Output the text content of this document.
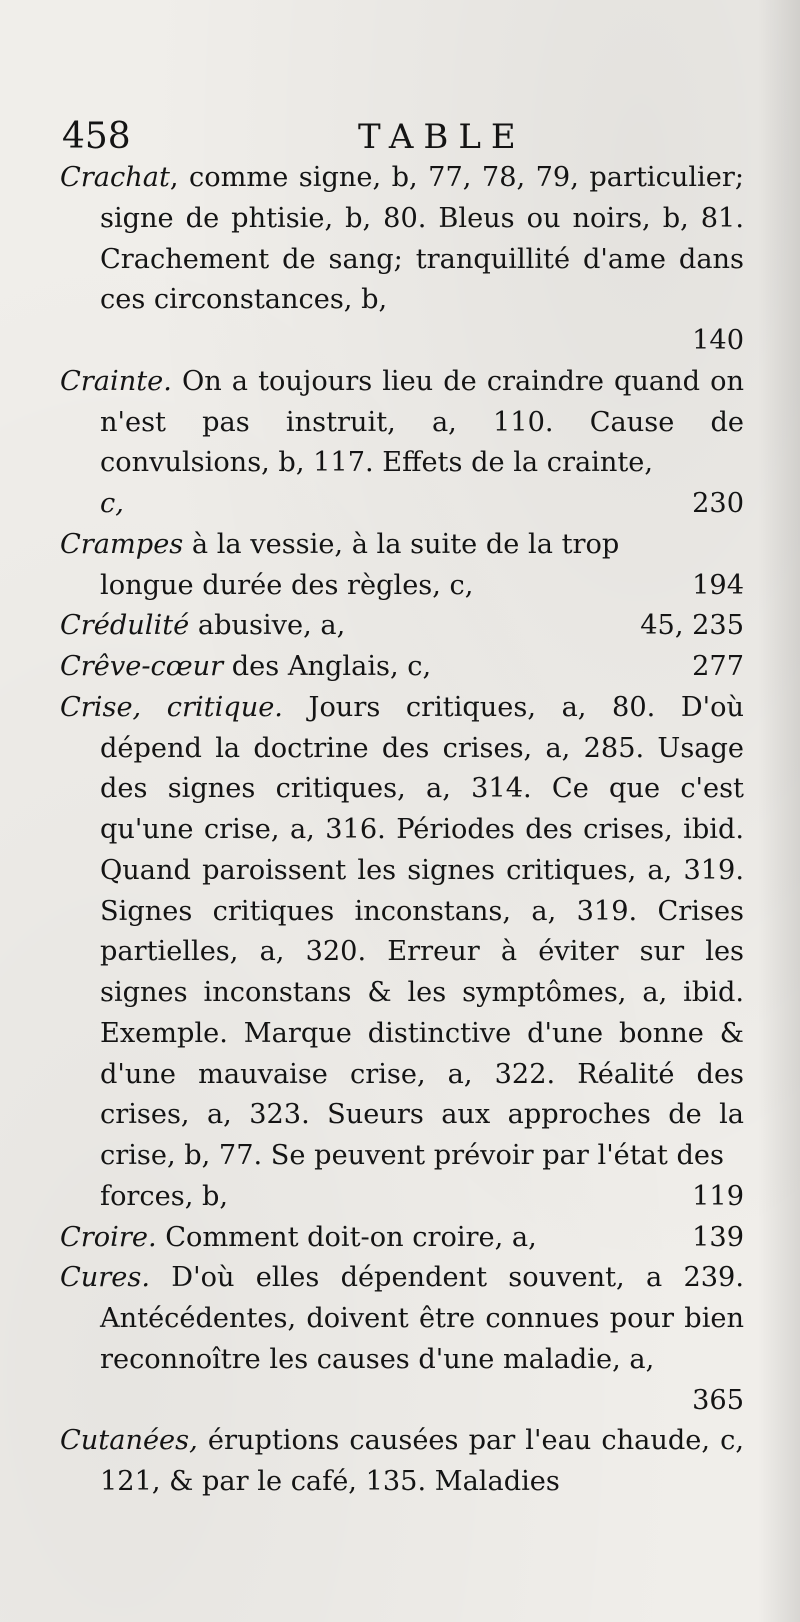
458	TABLE

Crachat, comme signe, b, 77, 78, 79, particulier; signe de phtisie, b, 80. Bleus ou noirs, b, 81. Crachement de sang; tranquillité d'ame dans ces circonstances, b,
140

Crainte. On a toujours lieu de craindre quand on n'est pas instruit, a, 110. Cause de convulsions, b, 117. Effets de la crainte,
c,	230

Crampes à la vessie, à la suite de la trop
longue durée des règles, c,	194

Crédulité abusive, a,	45, 235

Crêve-cœur des Anglais, c,	277

Crise, critique. Jours critiques, a, 80. D'où dépend la doctrine des crises, a, 285. Usage des signes critiques, a, 314. Ce que c'est qu'une crise, a, 316. Périodes des crises, ibid. Quand paroissent les signes critiques, a, 319. Signes critiques inconstans, a, 319. Crises partielles, a, 320. Erreur à éviter sur les signes inconstans & les symptômes, a, ibid. Exemple. Marque distinctive d'une bonne & d'une mauvaise crise, a, 322. Réalité des crises, a, 323. Sueurs aux approches de la crise, b, 77. Se peuvent prévoir par l'état des
forces, b,	119

Croire. Comment doit-on croire, a,	139

Cures. D'où elles dépendent souvent, a 239. Antécédentes, doivent être connues pour bien reconnoître les causes d'une maladie, a,
365

Cutanées, éruptions causées par l'eau chaude, c, 121, & par le café, 135. Maladies
